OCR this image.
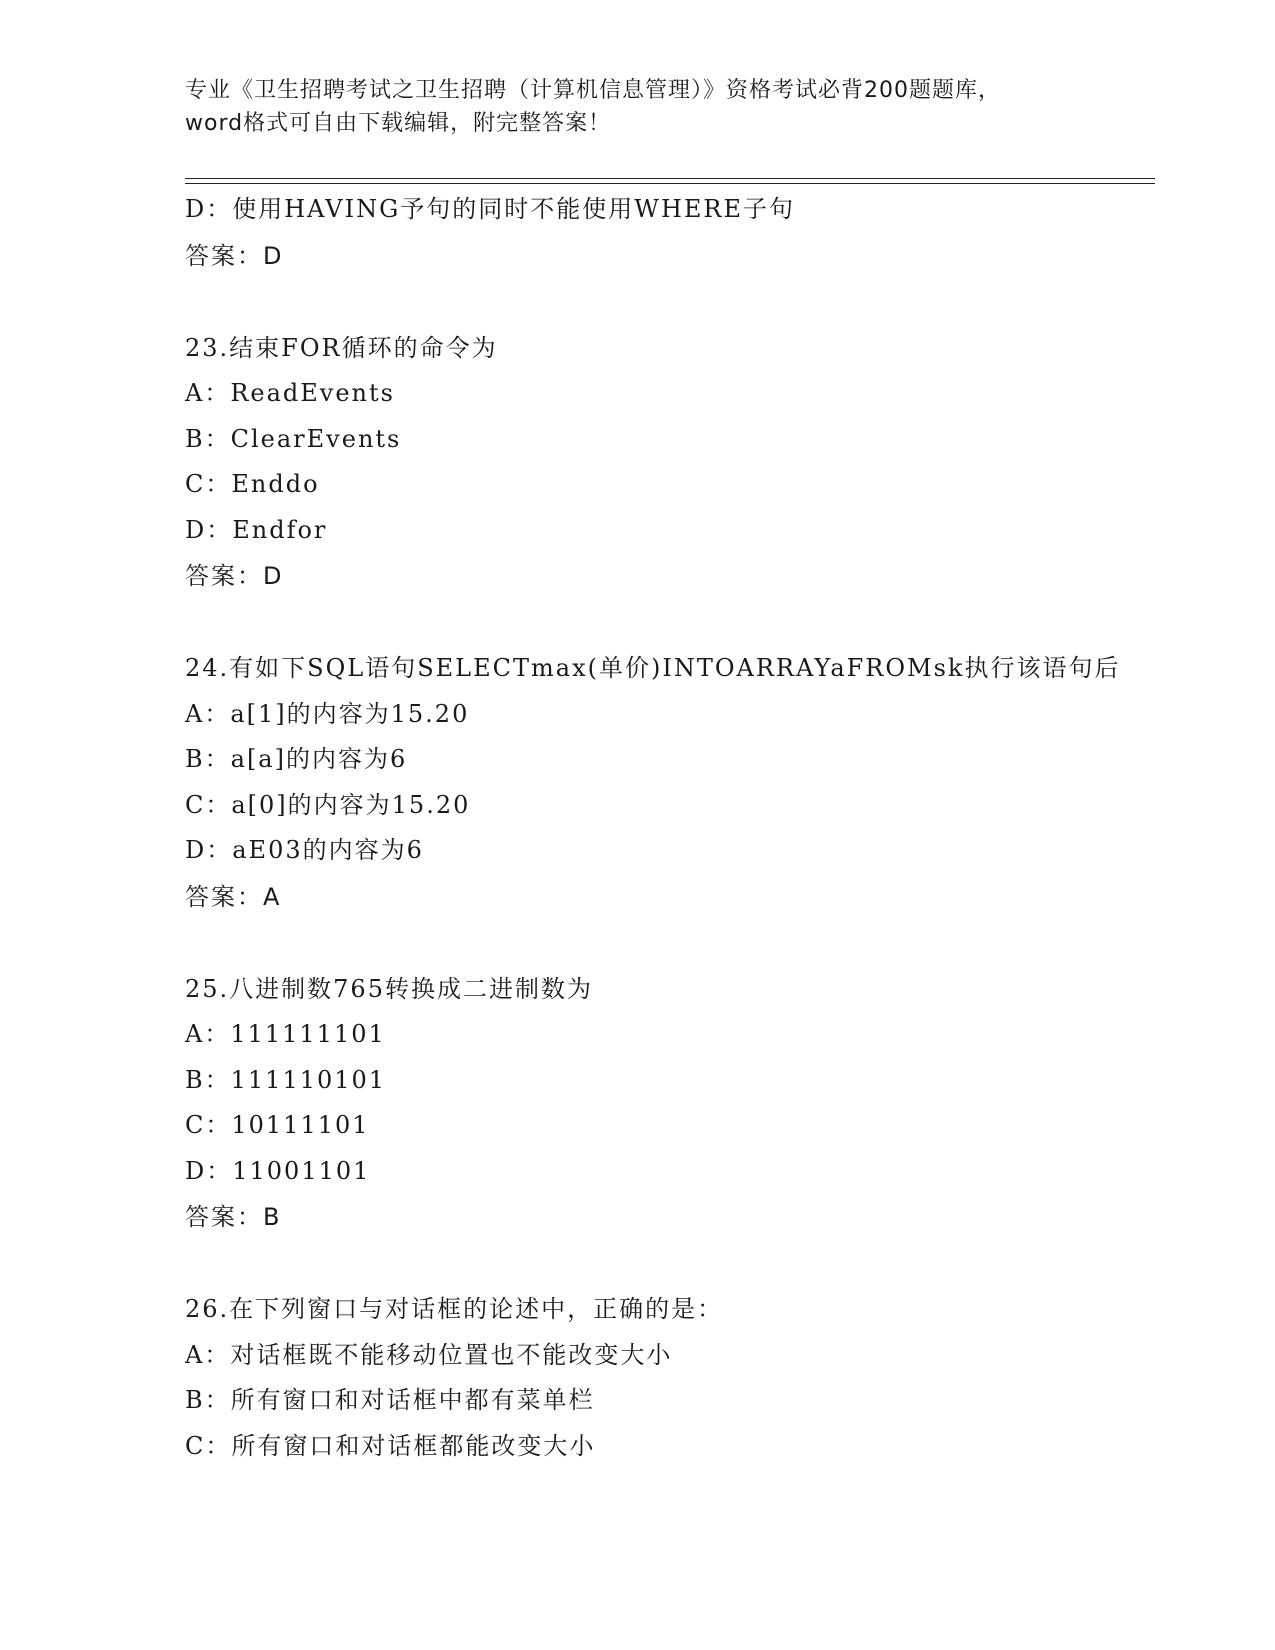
专业《卫生招聘考试之卫生招聘（计算机信息管理）》资格考试必背200题题库，

word格式可自由下载编辑，附完整答案！

D：使用HAVING予句的同时不能使用WHERE子句
答案：D
23.结束FOR循环的命令为
A：ReadEvents
B：ClearEvents
C：Enddo
D：Endfor
答案：D
24.有如下SQL语句SELECTmax(单价)INTOARRAYaFROMsk执行该语句后
A：a[1]的内容为15.20
B：a[a]的内容为6
C：a[0]的内容为15.20
D：aE03的内容为6
答案：A
25.八进制数765转换成二进制数为
A：111111101
B：111110101
C：10111101
D：11001101
答案：B
26.在下列窗口与对话框的论述中，正确的是：
A：对话框既不能移动位置也不能改变大小
B：所有窗口和对话框中都有菜单栏
C：所有窗口和对话框都能改变大小
